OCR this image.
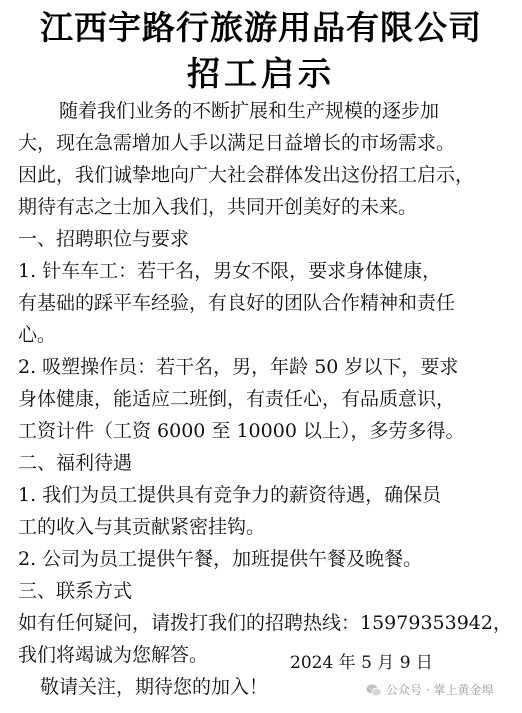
江西宇路行旅游用品有限公司
招工启示
随着我们业务的不断扩展和生产规模的逐步加
大，现在急需增加人手以满足日益增长的市场需求。
因此，我们诚挚地向广大社会群体发出这份招工启示，
期待有志之士加入我们，共同开创美好的未来。
一、招聘职位与要求
1. 针车车工：若干名，男女不限，要求身体健康，
有基础的踩平车经验，有良好的团队合作精神和责任
心。
2. 吸塑操作员：若干名，男，年龄 50 岁以下，要求
身体健康，能适应二班倒，有责任心，有品质意识，
工资计件（工资 6000 至 10000 以上），多劳多得。
二、福利待遇
1. 我们为员工提供具有竞争力的薪资待遇，确保员
工的收入与其贡献紧密挂钩。
2. 公司为员工提供午餐，加班提供午餐及晚餐。
三、联系方式
如有任何疑问，请拨打我们的招聘热线：15979353942，
我们将竭诚为您解答。
敬请关注，期待您的加入！
2024 年 5 月 9 日
公众号 · 掌上黄金埠
